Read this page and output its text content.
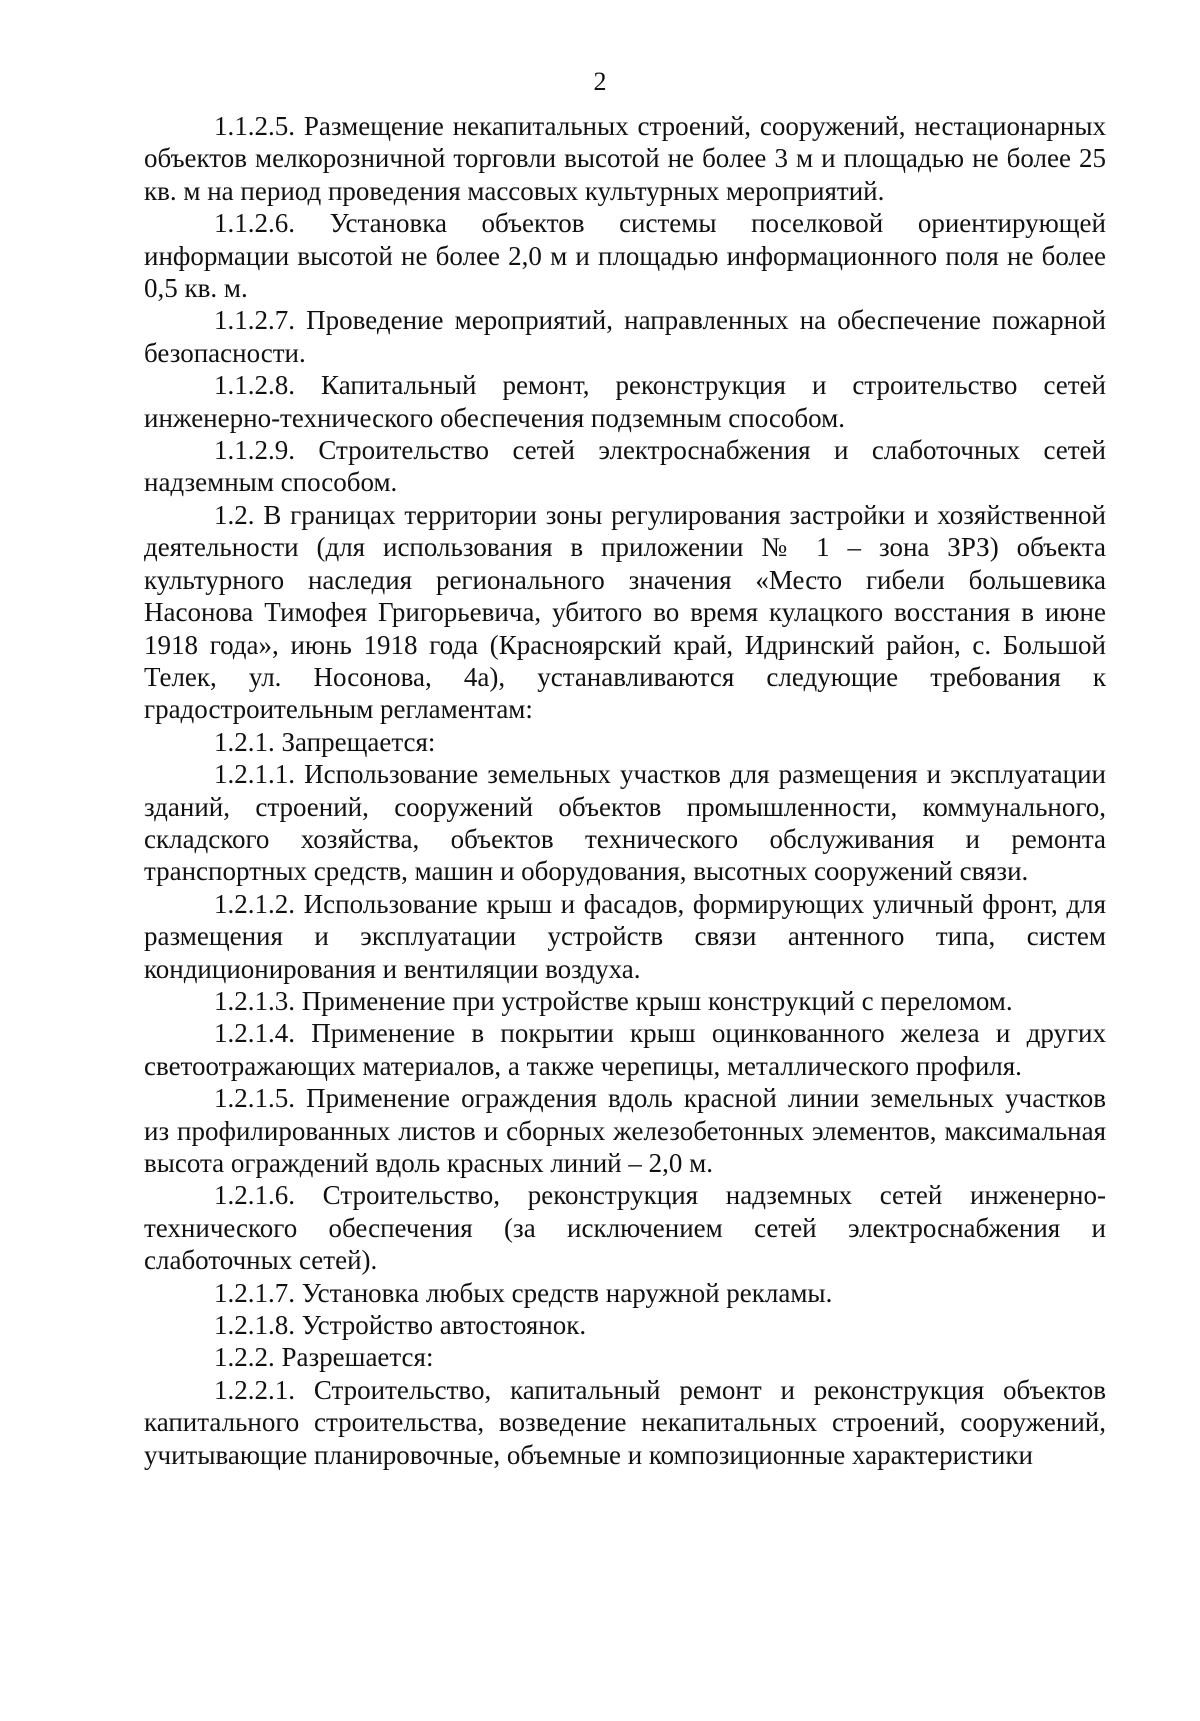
2

1.1.2.5. Размещение некапитальных строений, сооружений, нестационарных объектов мелкорозничной торговли высотой не более 3 м и площадью не более 25 кв. м на период проведения массовых культурных мероприятий.

1.1.2.6. Установка объектов системы поселковой ориентирующей информации высотой не более 2,0 м и площадью информационного поля не более 0,5 кв. м.

1.1.2.7. Проведение мероприятий, направленных на обеспечение пожарной безопасности.

1.1.2.8. Капитальный ремонт, реконструкция и строительство сетей инженерно-технического обеспечения подземным способом.

1.1.2.9. Строительство сетей электроснабжения и слаботочных сетей надземным способом.

1.2. В границах территории зоны регулирования застройки и хозяйственной деятельности (для использования в приложении № 1 – зона ЗРЗ) объекта культурного наследия регионального значения «Место гибели большевика Насонова Тимофея Григорьевича, убитого во время кулацкого восстания в июне 1918 года», июнь 1918 года (Красноярский край, Идринский район, с. Большой Телек, ул. Носонова, 4а), устанавливаются следующие требования к градостроительным регламентам:

1.2.1. Запрещается:

1.2.1.1. Использование земельных участков для размещения и эксплуатации зданий, строений, сооружений объектов промышленности, коммунального, складского хозяйства, объектов технического обслуживания и ремонта транспортных средств, машин и оборудования, высотных сооружений связи.

1.2.1.2. Использование крыш и фасадов, формирующих уличный фронт, для размещения и эксплуатации устройств связи антенного типа, систем кондиционирования и вентиляции воздуха.

1.2.1.3. Применение при устройстве крыш конструкций с переломом.

1.2.1.4. Применение в покрытии крыш оцинкованного железа и других светоотражающих материалов, а также черепицы, металлического профиля.

1.2.1.5. Применение ограждения вдоль красной линии земельных участков из профилированных листов и сборных железобетонных элементов, максимальная высота ограждений вдоль красных линий – 2,0 м.

1.2.1.6. Строительство, реконструкция надземных сетей инженерно-технического обеспечения (за исключением сетей электроснабжения и слаботочных сетей).

1.2.1.7. Установка любых средств наружной рекламы.

1.2.1.8. Устройство автостоянок.

1.2.2. Разрешается:

1.2.2.1. Строительство, капитальный ремонт и реконструкция объектов капитального строительства, возведение некапитальных строений, сооружений, учитывающие планировочные, объемные и композиционные характеристики
